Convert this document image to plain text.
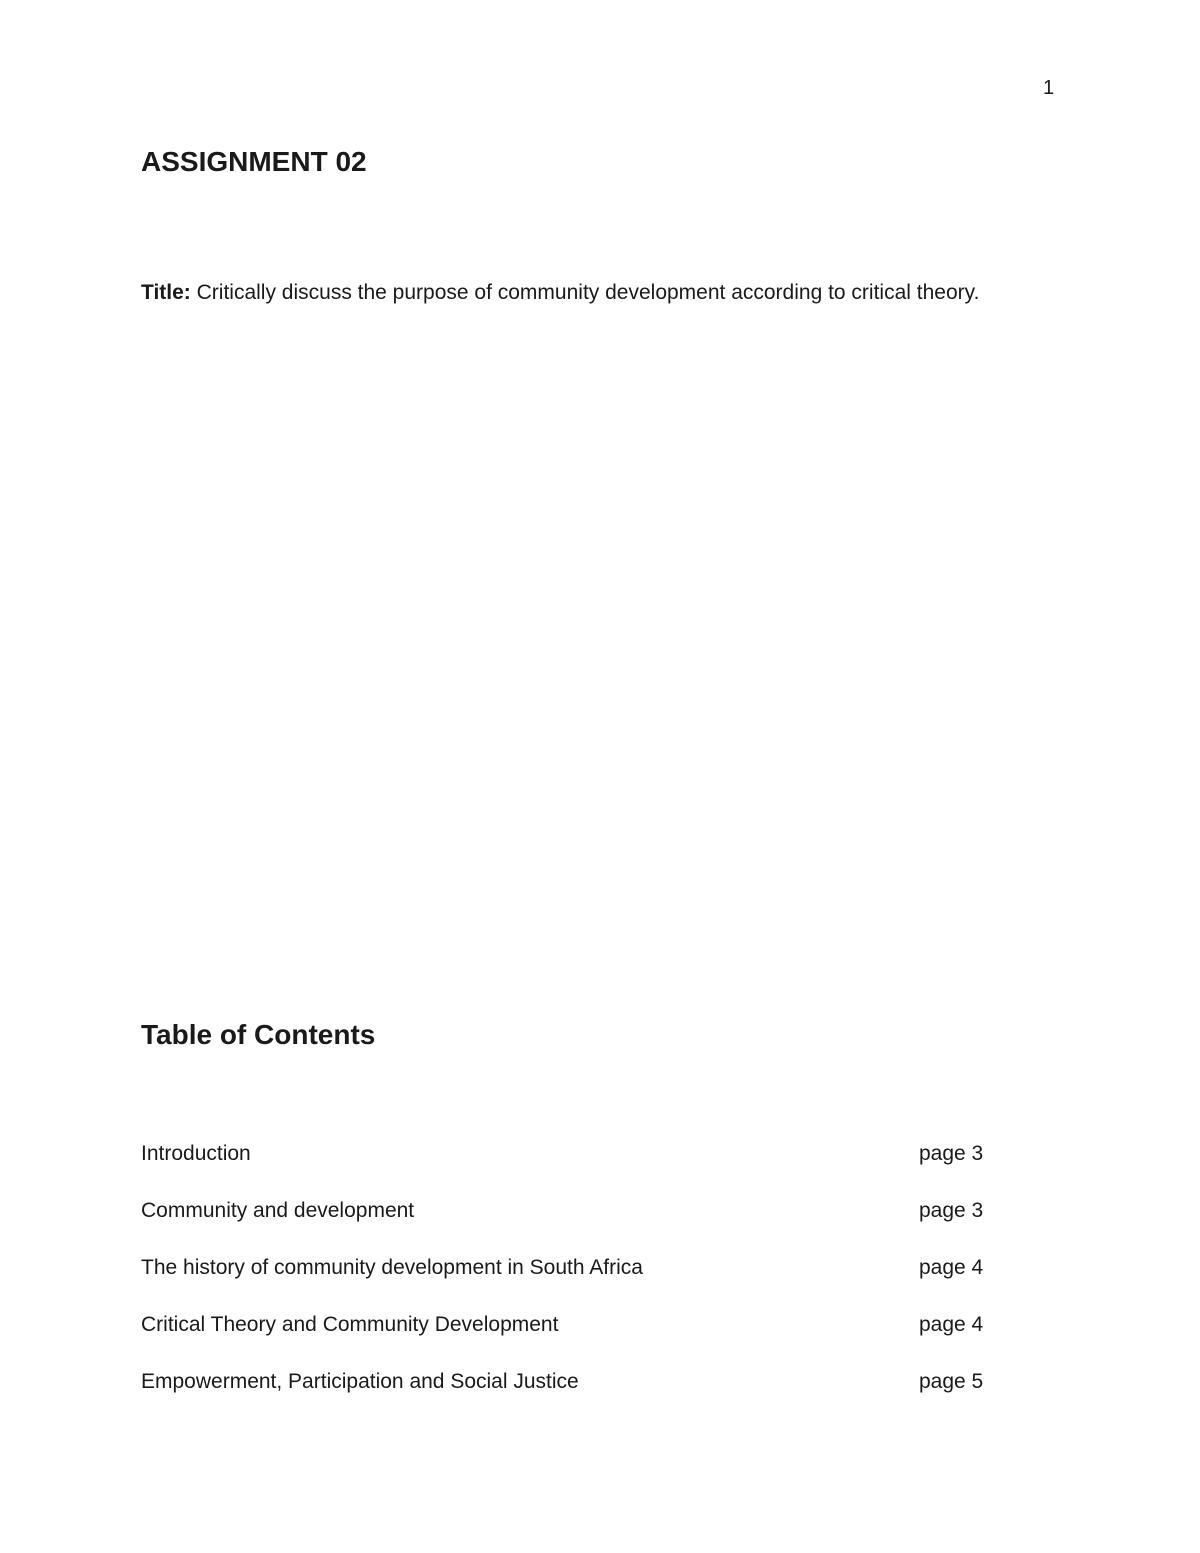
1
ASSIGNMENT 02

Title: Critically discuss the purpose of community development according to critical theory.

Table of Contents
Introduction	page 3
Community and development	page 3
The history of community development in South Africa	page 4
Critical Theory and Community Development	page 4
Empowerment, Participation and Social Justice	page 5
